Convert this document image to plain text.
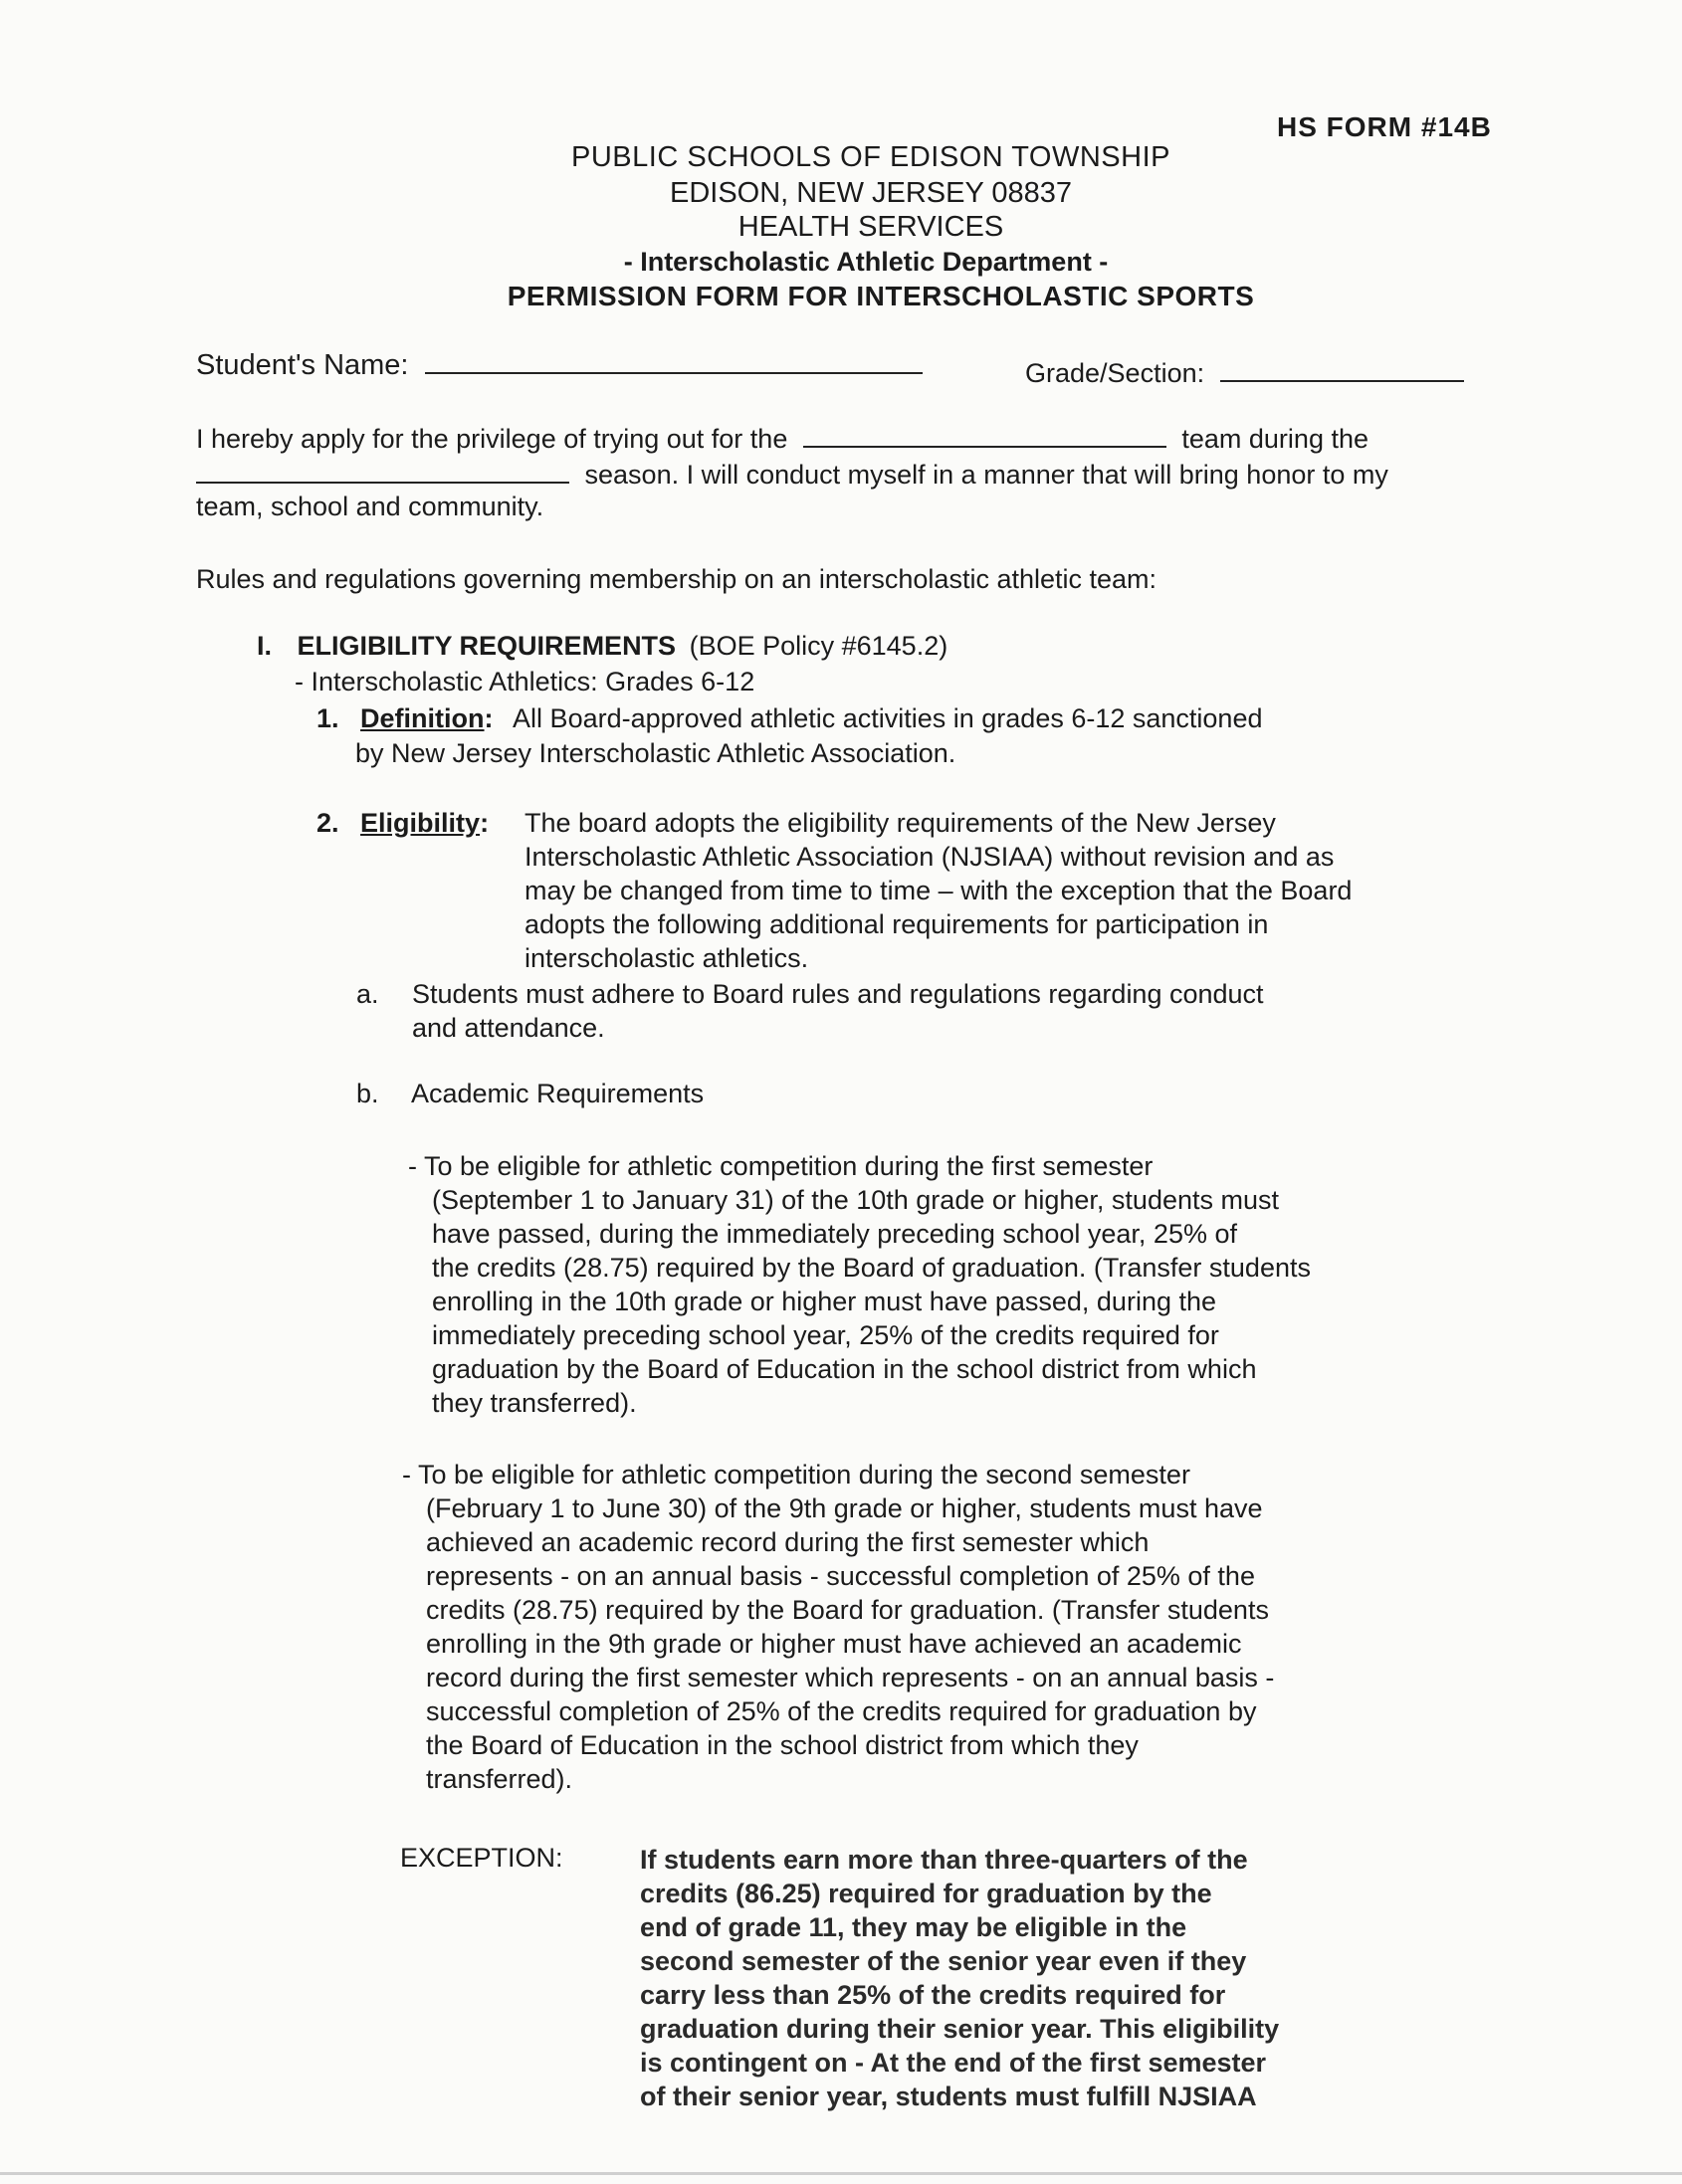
HS FORM #14B
PUBLIC SCHOOLS OF EDISON TOWNSHIP
EDISON, NEW JERSEY 08837
HEALTH SERVICES
- Interscholastic Athletic Department -
PERMISSION FORM FOR INTERSCHOLASTIC SPORTS
Student's Name:	Grade/Section:
I hereby apply for the privilege of trying out for the	team during the
season. I will conduct myself in a manner that will bring honor to my
team, school and community.
Rules and regulations governing membership on an interscholastic athletic team:
I. ELIGIBILITY REQUIREMENTS (BOE Policy #6145.2)
- Interscholastic Athletics: Grades 6-12
1. Definition: All Board-approved athletic activities in grades 6-12 sanctioned
by New Jersey Interscholastic Athletic Association.
2. Eligibility: The board adopts the eligibility requirements of the New Jersey
Interscholastic Athletic Association (NJSIAA) without revision and as
may be changed from time to time – with the exception that the Board
adopts the following additional requirements for participation in
interscholastic athletics.
a. Students must adhere to Board rules and regulations regarding conduct
and attendance.
b. Academic Requirements
- To be eligible for athletic competition during the first semester
(September 1 to January 31) of the 10th grade or higher, students must
have passed, during the immediately preceding school year, 25% of
the credits (28.75) required by the Board of graduation. (Transfer students
enrolling in the 10th grade or higher must have passed, during the
immediately preceding school year, 25% of the credits required for
graduation by the Board of Education in the school district from which
they transferred).
- To be eligible for athletic competition during the second semester
(February 1 to June 30) of the 9th grade or higher, students must have
achieved an academic record during the first semester which
represents - on an annual basis - successful completion of 25% of the
credits (28.75) required by the Board for graduation. (Transfer students
enrolling in the 9th grade or higher must have achieved an academic
record during the first semester which represents - on an annual basis -
successful completion of 25% of the credits required for graduation by
the Board of Education in the school district from which they
transferred).
EXCEPTION:	If students earn more than three-quarters of the
credits (86.25) required for graduation by the
end of grade 11, they may be eligible in the
second semester of the senior year even if they
carry less than 25% of the credits required for
graduation during their senior year. This eligibility
is contingent on - At the end of the first semester
of their senior year, students must fulfill NJSIAA
